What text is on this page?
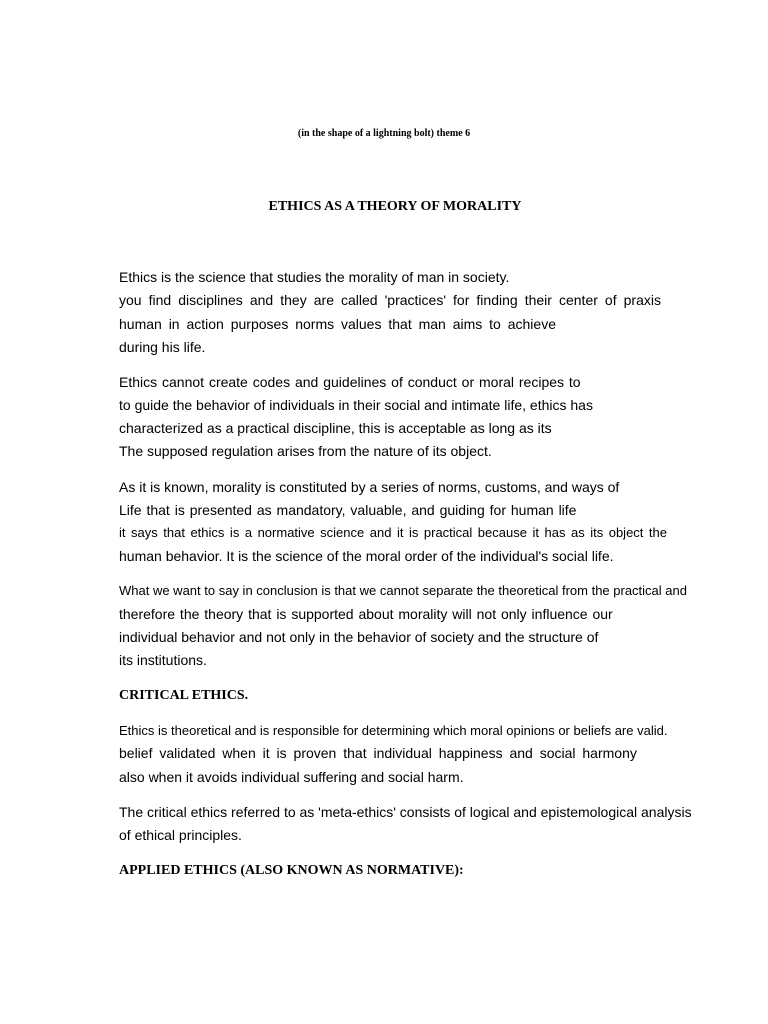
(in the shape of a lightning bolt) theme 6
ETHICS AS A THEORY OF MORALITY
Ethics is the science that studies the morality of man in society.
you find disciplines and they are called 'practices' for finding their center of praxis
human in action purposes norms values that man aims to achieve
during his life.
Ethics cannot create codes and guidelines of conduct or moral recipes to
to guide the behavior of individuals in their social and intimate life, ethics has
characterized as a practical discipline, this is acceptable as long as its
The supposed regulation arises from the nature of its object.
As it is known, morality is constituted by a series of norms, customs, and ways of
Life that is presented as mandatory, valuable, and guiding for human life
it says that ethics is a normative science and it is practical because it has as its object the
human behavior. It is the science of the moral order of the individual's social life.
What we want to say in conclusion is that we cannot separate the theoretical from the practical and
therefore the theory that is supported about morality will not only influence our
individual behavior and not only in the behavior of society and the structure of
its institutions.
CRITICAL ETHICS.
Ethics is theoretical and is responsible for determining which moral opinions or beliefs are valid.
belief validated when it is proven that individual happiness and social harmony
also when it avoids individual suffering and social harm.
The critical ethics referred to as 'meta-ethics' consists of logical and epistemological analysis
of ethical principles.
APPLIED ETHICS (ALSO KNOWN AS NORMATIVE):
